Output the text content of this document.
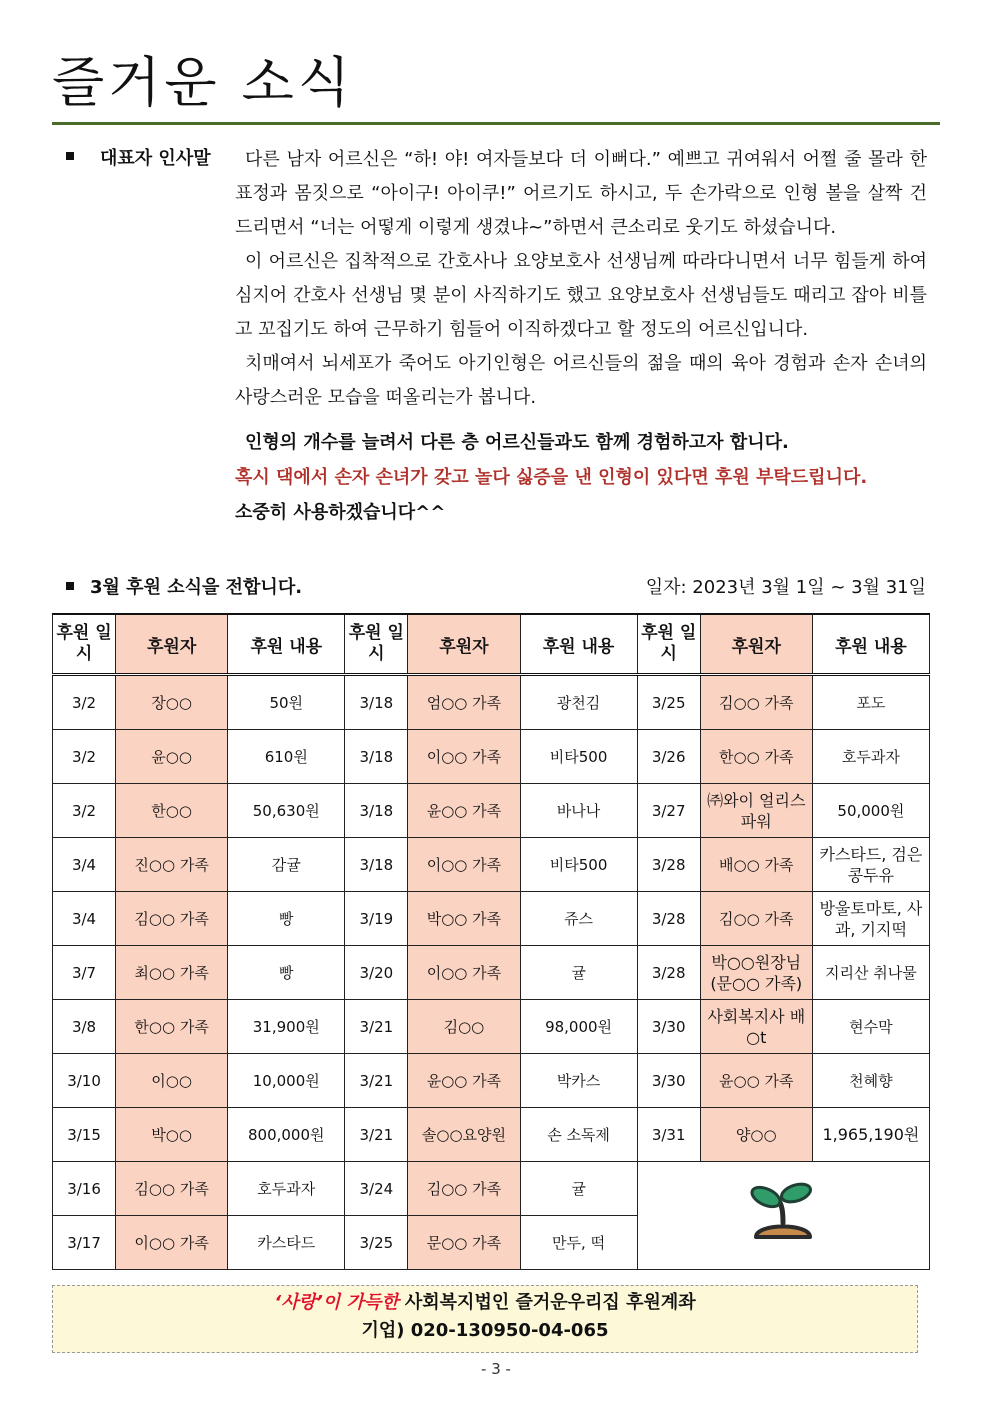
즐거운 소식
대표자 인사말	다른 남자 어르신은 “하! 야! 여자들보다 더 이뻐다.” 예쁘고 귀여워서 어쩔 줄 몰라 한 표정과 몸짓으로 “아이구! 아이쿠!” 어르기도 하시고, 두 손가락으로 인형 볼을 살짝 건드리면서 “너는 어떻게 이렇게 생겼냐~”하면서 큰소리로 웃기도 하셨습니다.

이 어르신은 집착적으로 간호사나 요양보호사 선생님께 따라다니면서 너무 힘들게 하여 심지어 간호사 선생님 몇 분이 사직하기도 했고 요양보호사 선생님들도 때리고 잡아 비틀고 꼬집기도 하여 근무하기 힘들어 이직하겠다고 할 정도의 어르신입니다.

치매여서 뇌세포가 죽어도 아기인형은 어르신들의 젊을 때의 육아 경험과 손자 손녀의 사랑스러운 모습을 떠올리는가 봅니다.

인형의 개수를 늘려서 다른 층 어르신들과도 함께 경험하고자 합니다.
혹시 댁에서 손자 손녀가 갖고 놀다 싫증을 낸 인형이 있다면 후원 부탁드립니다.
소중히 사용하겠습니다^^
3월 후원 소식을 전합니다.	일자: 2023년 3월 1일 ~ 3월 31일
후원 일시	후원자	후원 내용	후원 일시	후원자	후원 내용	후원 일시	후원자	후원 내용
3/2	장○○	50원	3/18	엄○○ 가족	광천김	3/25	김○○ 가족	포도
3/2	윤○○	610원	3/18	이○○ 가족	비타500	3/26	한○○ 가족	호두과자
3/2	한○○	50,630원	3/18	윤○○ 가족	바나나	3/27	㈜와이 얼리스파워	50,000원
3/4	진○○ 가족	감귤	3/18	이○○ 가족	비타500	3/28	배○○ 가족	카스타드, 검은콩두유
3/4	김○○ 가족	빵	3/19	박○○ 가족	쥬스	3/28	김○○ 가족	방울토마토, 사과, 기지떡
3/7	최○○ 가족	빵	3/20	이○○ 가족	귤	3/28	박○○원장님 (문○○ 가족)	지리산 취나물
3/8	한○○ 가족	31,900원	3/21	김○○	98,000원	3/30	사회복지사 배○t	현수막
3/10	이○○	10,000원	3/21	윤○○ 가족	박카스	3/30	윤○○ 가족	천혜향
3/15	박○○	800,000원	3/21	솔○○요양원	손 소독제	3/31	양○○	1,965,190원
3/16	김○○ 가족	호두과자	3/24	김○○ 가족	귤	
3/17	이○○ 가족	카스타드	3/25	문○○ 가족	만두, 떡			
‘사랑’이 가득한 사회복지법인 즐거운우리집 후원계좌
기업) 020-130950-04-065
- 3 -
